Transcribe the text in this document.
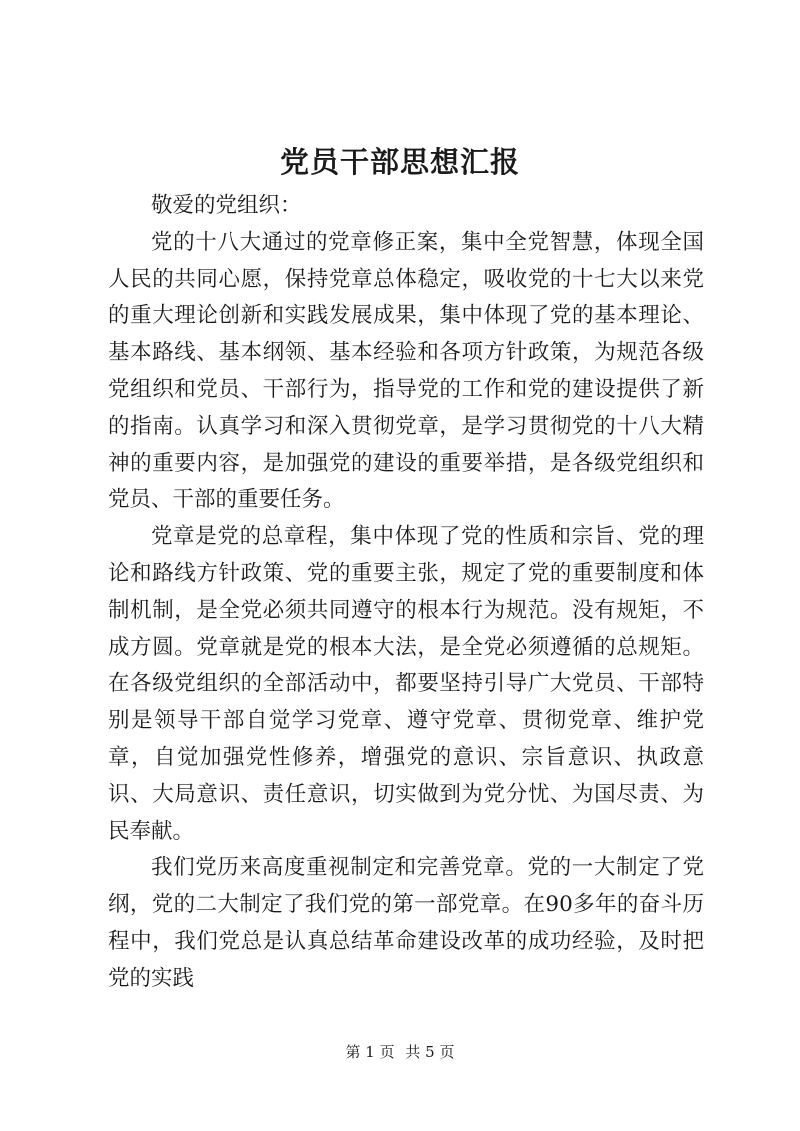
党员干部思想汇报

敬爱的党组织：

党的十八大通过的党章修正案，集中全党智慧，体现全国人民的共同心愿，保持党章总体稳定，吸收党的十七大以来党的重大理论创新和实践发展成果，集中体现了党的基本理论、基本路线、基本纲领、基本经验和各项方针政策，为规范各级党组织和党员、干部行为，指导党的工作和党的建设提供了新的指南。认真学习和深入贯彻党章，是学习贯彻党的十八大精神的重要内容，是加强党的建设的重要举措，是各级党组织和党员、干部的重要任务。

党章是党的总章程，集中体现了党的性质和宗旨、党的理论和路线方针政策、党的重要主张，规定了党的重要制度和体制机制，是全党必须共同遵守的根本行为规范。没有规矩，不成方圆。党章就是党的根本大法，是全党必须遵循的总规矩。在各级党组织的全部活动中，都要坚持引导广大党员、干部特别是领导干部自觉学习党章、遵守党章、贯彻党章、维护党章，自觉加强党性修养，增强党的意识、宗旨意识、执政意识、大局意识、责任意识，切实做到为党分忧、为国尽责、为民奉献。

我们党历来高度重视制定和完善党章。党的一大制定了党纲，党的二大制定了我们党的第一部党章。在90多年的奋斗历程中，我们党总是认真总结革命建设改革的成功经验，及时把党的实践

第 1 页 共 5 页
